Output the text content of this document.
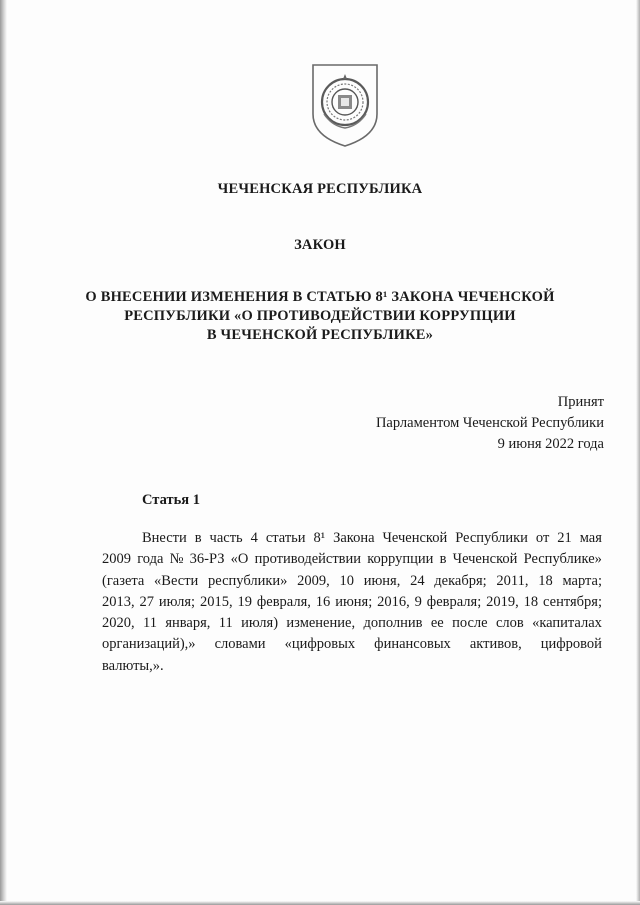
ЧЕЧЕНСКАЯ РЕСПУБЛИКА
ЗАКОН
О ВНЕСЕНИИ ИЗМЕНЕНИЯ В СТАТЬЮ 8¹ ЗАКОНА ЧЕЧЕНСКОЙ
РЕСПУБЛИКИ «О ПРОТИВОДЕЙСТВИИ КОРРУПЦИИ
В ЧЕЧЕНСКОЙ РЕСПУБЛИКЕ»
Принят
Парламентом Чеченской Республики
9 июня 2022 года
Статья 1
Внести в часть 4 статьи 8¹ Закона Чеченской Республики от 21 мая
2009 года № 36-РЗ «О противодействии коррупции в Чеченской Республике»
(газета «Вести республики» 2009, 10 июня, 24 декабря; 2011, 18 марта;
2013, 27 июля; 2015, 19 февраля, 16 июня; 2016, 9 февраля; 2019, 18 сентября;
2020, 11 января, 11 июля) изменение, дополнив ее после слов «капиталах
организаций),» словами «цифровых финансовых активов, цифровой
валюты,».
